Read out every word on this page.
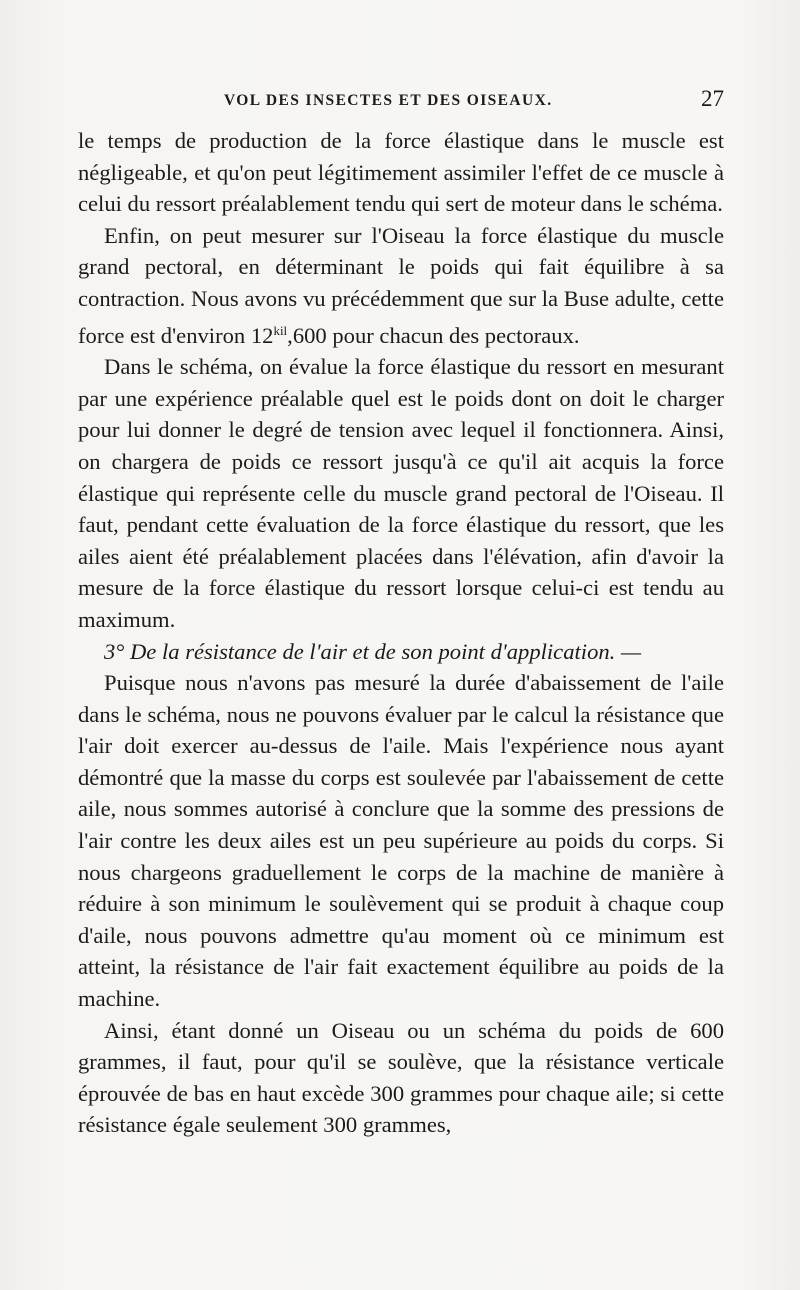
VOL DES INSECTES ET DES OISEAUX.	27

le temps de production de la force élastique dans le muscle est négligeable, et qu'on peut légitimement assimiler l'effet de ce muscle à celui du ressort préalablement tendu qui sert de moteur dans le schéma.

Enfin, on peut mesurer sur l'Oiseau la force élastique du muscle grand pectoral, en déterminant le poids qui fait équilibre à sa contraction. Nous avons vu précédemment que sur la Buse adulte, cette force est d'environ $12^{kil},600$ pour chacun des pectoraux.

Dans le schéma, on évalue la force élastique du ressort en mesurant par une expérience préalable quel est le poids dont on doit le charger pour lui donner le degré de tension avec lequel il fonctionnera. Ainsi, on chargera de poids ce ressort jusqu'à ce qu'il ait acquis la force élastique qui représente celle du muscle grand pectoral de l'Oiseau. Il faut, pendant cette évaluation de la force élastique du ressort, que les ailes aient été préalablement placées dans l'élévation, afin d'avoir la mesure de la force élastique du ressort lorsque celui-ci est tendu au maximum.

3° De la résistance de l'air et de son point d'application. —

Puisque nous n'avons pas mesuré la durée d'abaissement de l'aile dans le schéma, nous ne pouvons évaluer par le calcul la résistance que l'air doit exercer au-dessus de l'aile. Mais l'expérience nous ayant démontré que la masse du corps est soulevée par l'abaissement de cette aile, nous sommes autorisé à conclure que la somme des pressions de l'air contre les deux ailes est un peu supérieure au poids du corps. Si nous chargeons graduellement le corps de la machine de manière à réduire à son minimum le soulèvement qui se produit à chaque coup d'aile, nous pouvons admettre qu'au moment où ce minimum est atteint, la résistance de l'air fait exactement équilibre au poids de la machine.

Ainsi, étant donné un Oiseau ou un schéma du poids de 600 grammes, il faut, pour qu'il se soulève, que la résistance verticale éprouvée de bas en haut excède 300 grammes pour chaque aile; si cette résistance égale seulement 300 grammes,
